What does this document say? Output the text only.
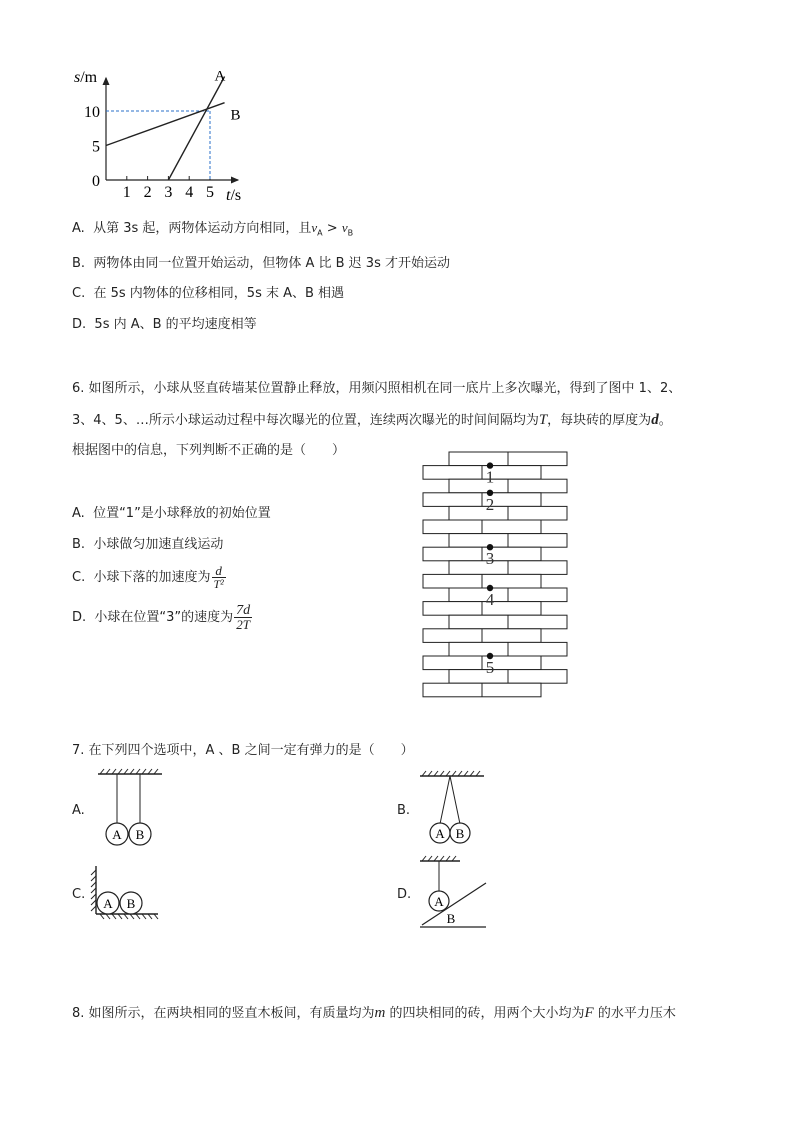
s/m
t/s
1 2 3 4 5
10
5
0
A
B
A. 从第 3s 起，两物体运动方向相同，且$v_A > v_B$
B. 两物体由同一位置开始运动，但物体 A 比 B 迟 3s 才开始运动
C. 在 5s 内物体的位移相同，5s 末 A、B 相遇
D. 5s 内 A、B 的平均速度相等
6. 如图所示，小球从竖直砖墙某位置静止释放，用频闪照相机在同一底片上多次曝光，得到了图中 1、2、
3、4、5、…所示小球运动过程中每次曝光的位置，连续两次曝光的时间间隔均为T，每块砖的厚度为d。
根据图中的信息，下列判断不正确的是（　　）
A. 位置“1”是小球释放的初始位置
B. 小球做匀加速直线运动
C. 小球下落的加速度为 $\frac{d}{\text{T²}}$
D. 小球在位置“3”的速度为 $\frac{7d}{2T}$
1
2
3
4
5
7. 在下列四个选项中，A 、B 之间一定有弹力的是（　　）
A.
A B
B.
A B
C.
A B
D. A
B
8. 如图所示，在两块相同的竖直木板间，有质量均为m 的四块相同的砖，用两个大小均为F 的水平力压木
